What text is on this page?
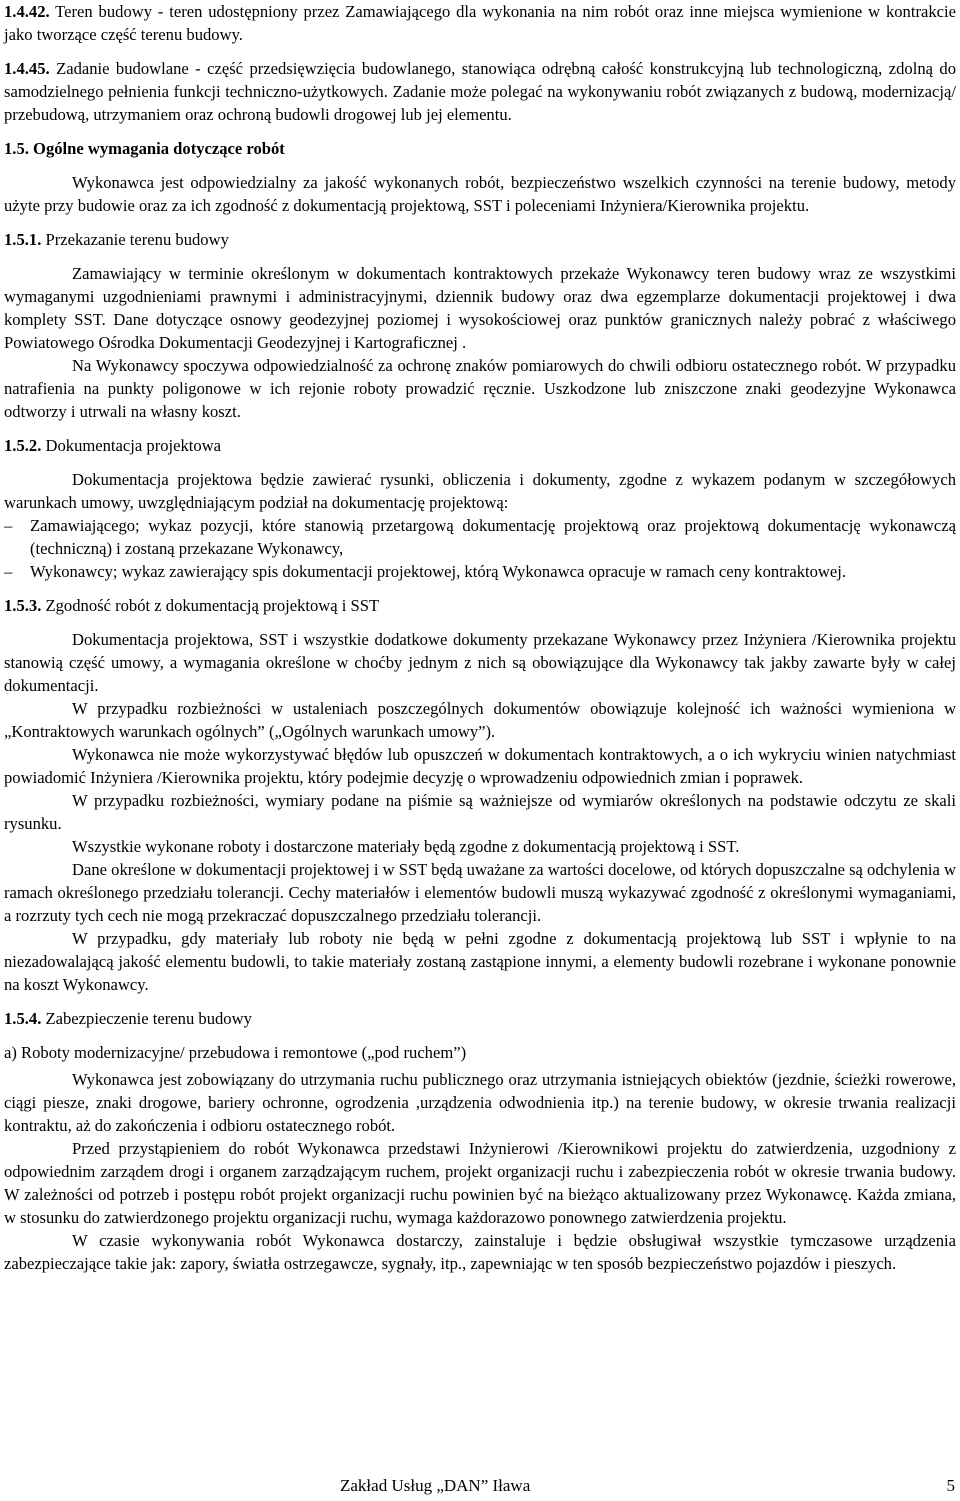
1.4.42. Teren budowy - teren udostępniony przez Zamawiającego dla wykonania na nim robót oraz inne miejsca wymienione w kontrakcie jako tworzące część terenu budowy.

1.4.45. Zadanie budowlane - część przedsięwzięcia budowlanego, stanowiąca odrębną całość konstrukcyjną lub technologiczną, zdolną do samodzielnego pełnienia funkcji techniczno-użytkowych. Zadanie może polegać na wykonywaniu robót związanych z budową, modernizacją/ przebudową, utrzymaniem oraz ochroną budowli drogowej lub jej elementu.

1.5. Ogólne wymagania dotyczące robót

Wykonawca jest odpowiedzialny za jakość wykonanych robót, bezpieczeństwo wszelkich czynności na terenie budowy, metody użyte przy budowie oraz za ich zgodność z dokumentacją projektową, SST i poleceniami Inżyniera/Kierownika projektu.

1.5.1. Przekazanie terenu budowy

Zamawiający w terminie określonym w dokumentach kontraktowych przekaże Wykonawcy teren budowy wraz ze wszystkimi wymaganymi uzgodnieniami prawnymi i administracyjnymi, dziennik budowy oraz dwa egzemplarze dokumentacji projektowej i dwa komplety SST. Dane dotyczące osnowy geodezyjnej poziomej i wysokościowej oraz punktów granicznych należy pobrać z właściwego Powiatowego Ośrodka Dokumentacji Geodezyjnej i Kartograficznej .

Na Wykonawcy spoczywa odpowiedzialność za ochronę znaków pomiarowych do chwili odbioru ostatecznego robót. W przypadku natrafienia na punkty poligonowe w ich rejonie roboty prowadzić ręcznie. Uszkodzone lub zniszczone znaki geodezyjne Wykonawca odtworzy i utrwali na własny koszt.

1.5.2. Dokumentacja projektowa

Dokumentacja projektowa będzie zawierać rysunki, obliczenia i dokumenty, zgodne z wykazem podanym w szczegółowych warunkach umowy, uwzględniającym podział na dokumentację projektową:

– Zamawiającego; wykaz pozycji, które stanowią przetargową dokumentację projektową oraz projektową dokumentację wykonawczą (techniczną) i zostaną przekazane Wykonawcy,
– Wykonawcy; wykaz zawierający spis dokumentacji projektowej, którą Wykonawca opracuje w ramach ceny kontraktowej.

1.5.3. Zgodność robót z dokumentacją projektową i SST

Dokumentacja projektowa, SST i wszystkie dodatkowe dokumenty przekazane Wykonawcy przez Inżyniera /Kierownika projektu stanowią część umowy, a wymagania określone w choćby jednym z nich są obowiązujące dla Wykonawcy tak jakby zawarte były w całej dokumentacji.

W przypadku rozbieżności w ustaleniach poszczególnych dokumentów obowiązuje kolejność ich ważności wymieniona w „Kontraktowych warunkach ogólnych” („Ogólnych warunkach umowy”).

Wykonawca nie może wykorzystywać błędów lub opuszczeń w dokumentach kontraktowych, a o ich wykryciu winien natychmiast powiadomić Inżyniera /Kierownika projektu, który podejmie decyzję o wprowadzeniu odpowiednich zmian i poprawek.

W przypadku rozbieżności, wymiary podane na piśmie są ważniejsze od wymiarów określonych na podstawie odczytu ze skali rysunku.

Wszystkie wykonane roboty i dostarczone materiały będą zgodne z dokumentacją projektową i SST.

Dane określone w dokumentacji projektowej i w SST będą uważane za wartości docelowe, od których dopuszczalne są odchylenia w ramach określonego przedziału tolerancji. Cechy materiałów i elementów budowli muszą wykazywać zgodność z określonymi wymaganiami, a rozrzuty tych cech nie mogą przekraczać dopuszczalnego przedziału tolerancji.

W przypadku, gdy materiały lub roboty nie będą w pełni zgodne z dokumentacją projektową lub SST i wpłynie to na niezadowalającą jakość elementu budowli, to takie materiały zostaną zastąpione innymi, a elementy budowli rozebrane i wykonane ponownie na koszt Wykonawcy.

1.5.4. Zabezpieczenie terenu budowy

a) Roboty modernizacyjne/ przebudowa i remontowe („pod ruchem”)

Wykonawca jest zobowiązany do utrzymania ruchu publicznego oraz utrzymania istniejących obiektów (jezdnie, ścieżki rowerowe, ciągi piesze, znaki drogowe, bariery ochronne, ogrodzenia ,urządzenia odwodnienia itp.) na terenie budowy, w okresie trwania realizacji kontraktu, aż do zakończenia i odbioru ostatecznego robót.

Przed przystąpieniem do robót Wykonawca przedstawi Inżynierowi /Kierownikowi projektu do zatwierdzenia, uzgodniony z odpowiednim zarządem drogi i organem zarządzającym ruchem, projekt organizacji ruchu i zabezpieczenia robót w okresie trwania budowy. W zależności od potrzeb i postępu robót projekt organizacji ruchu powinien być na bieżąco aktualizowany przez Wykonawcę. Każda zmiana, w stosunku do zatwierdzonego projektu organizacji ruchu, wymaga każdorazowo ponownego zatwierdzenia projektu.

W czasie wykonywania robót Wykonawca dostarczy, zainstaluje i będzie obsługiwał wszystkie tymczasowe urządzenia zabezpieczające takie jak: zapory, światła ostrzegawcze, sygnały, itp., zapewniając w ten sposób bezpieczeństwo pojazdów i pieszych.

Zakład Usług „DAN” Iława	5
